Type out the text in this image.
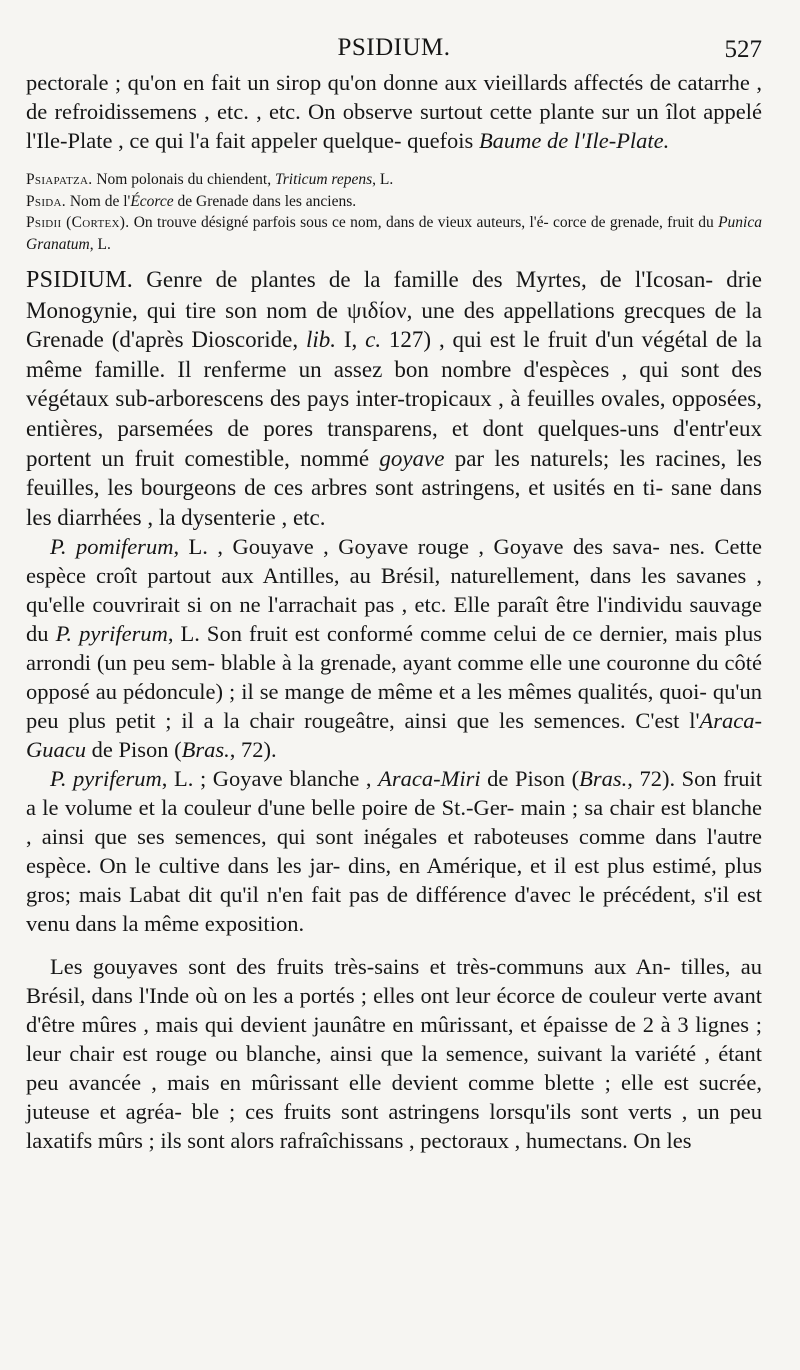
PSIDIUM.	527

pectorale ; qu'on en fait un sirop qu'on donne aux vieillards affectés de catarrhe , de refroidissemens , etc. , etc. On observe surtout cette plante sur un îlot appelé l'Ile-Plate , ce qui l'a fait appeler quelque- quefois Baume de l'Ile-Plate.

Psiapatza. Nom polonais du chiendent, Triticum repens, L.

Psida. Nom de l'Écorce de Grenade dans les anciens.

Psidii (Cortex). On trouve désigné parfois sous ce nom, dans de vieux auteurs, l'é- corce de grenade, fruit du Punica Granatum, L.

PSIDIUM. Genre de plantes de la famille des Myrtes, de l'Icosan- drie Monogynie, qui tire son nom de ψιδίον, une des appellations grecques de la Grenade (d'après Dioscoride, lib. I, c. 127) , qui est le fruit d'un végétal de la même famille. Il renferme un assez bon nombre d'espèces , qui sont des végétaux sub-arborescens des pays inter-tropicaux , à feuilles ovales, opposées, entières, parsemées de pores transparens, et dont quelques-uns d'entr'eux portent un fruit comestible, nommé goyave par les naturels; les racines, les feuilles, les bourgeons de ces arbres sont astringens, et usités en ti- sane dans les diarrhées , la dysenterie , etc.

P. pomiferum, L. , Gouyave , Goyave rouge , Goyave des sava- nes. Cette espèce croît partout aux Antilles, au Brésil, naturellement, dans les savanes , qu'elle couvrirait si on ne l'arrachait pas , etc. Elle paraît être l'individu sauvage du P. pyriferum, L. Son fruit est conformé comme celui de ce dernier, mais plus arrondi (un peu sem- blable à la grenade, ayant comme elle une couronne du côté opposé au pédoncule) ; il se mange de même et a les mêmes qualités, quoi- qu'un peu plus petit ; il a la chair rougeâtre, ainsi que les semences. C'est l'Araca-Guacu de Pison (Bras., 72).

P. pyriferum, L. ; Goyave blanche , Araca-Miri de Pison (Bras., 72). Son fruit a le volume et la couleur d'une belle poire de St.-Ger- main ; sa chair est blanche , ainsi que ses semences, qui sont inégales et raboteuses comme dans l'autre espèce. On le cultive dans les jar- dins, en Amérique, et il est plus estimé, plus gros; mais Labat dit qu'il n'en fait pas de différence d'avec le précédent, s'il est venu dans la même exposition.

Les gouyaves sont des fruits très-sains et très-communs aux An- tilles, au Brésil, dans l'Inde où on les a portés ; elles ont leur écorce de couleur verte avant d'être mûres , mais qui devient jaunâtre en mûrissant, et épaisse de 2 à 3 lignes ; leur chair est rouge ou blanche, ainsi que la semence, suivant la variété , étant peu avancée , mais en mûrissant elle devient comme blette ; elle est sucrée, juteuse et agréa- ble ; ces fruits sont astringens lorsqu'ils sont verts , un peu laxatifs mûrs ; ils sont alors rafraîchissans , pectoraux , humectans. On les
